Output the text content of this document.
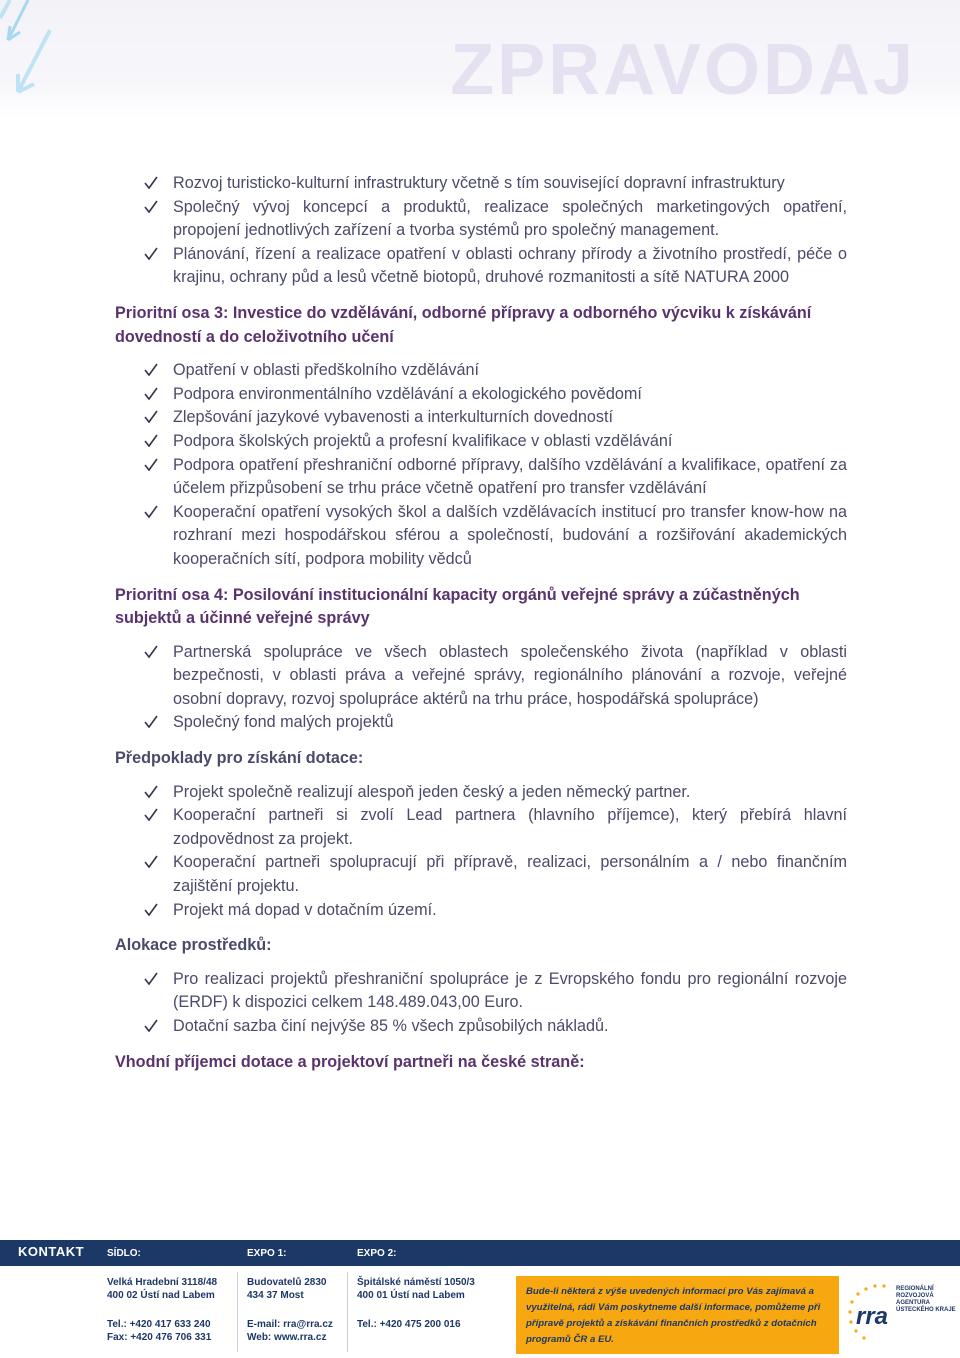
ZPRAVODAJ
Rozvoj turisticko-kulturní infrastruktury včetně s tím související dopravní infrastruktury
Společný vývoj koncepcí a produktů, realizace společných marketingových opatření, propojení jednotlivých zařízení a tvorba systémů pro společný management.
Plánování, řízení a realizace opatření v oblasti ochrany přírody a životního prostředí, péče o krajinu, ochrany půd a lesů včetně biotopů, druhové rozmanitosti a sítě NATURA 2000
Prioritní osa 3: Investice do vzdělávání, odborné přípravy a odborného výcviku k získávání dovedností a do celoživotního učení
Opatření v oblasti předškolního vzdělávání
Podpora environmentálního vzdělávání a ekologického povědomí
Zlepšování jazykové vybavenosti a interkulturních dovedností
Podpora školských projektů a profesní kvalifikace v oblasti vzdělávání
Podpora opatření přeshraniční odborné přípravy, dalšího vzdělávání a kvalifikace, opatření za účelem přizpůsobení se trhu práce včetně opatření pro transfer vzdělávání
Kooperační opatření vysokých škol a dalších vzdělávacích institucí pro transfer know-how na rozhraní mezi hospodářskou sférou a společností, budování a rozšiřování akademických kooperačních sítí, podpora mobility vědců
Prioritní osa 4: Posilování institucionální kapacity orgánů veřejné správy a zúčastněných subjektů a účinné veřejné správy
Partnerská spolupráce ve všech oblastech společenského života (například v oblasti bezpečnosti, v oblasti práva a veřejné správy, regionálního plánování a rozvoje, veřejné osobní dopravy, rozvoj spolupráce aktérů na trhu práce, hospodářská spolupráce)
Společný fond malých projektů
Předpoklady pro získání dotace:
Projekt společně realizují alespoň jeden český a jeden německý partner.
Kooperační partneři si zvolí Lead partnera (hlavního příjemce), který přebírá hlavní zodpovědnost za projekt.
Kooperační partneři spolupracují při přípravě, realizaci, personálním a / nebo finančním zajištění projektu.
Projekt má dopad v dotačním území.
Alokace prostředků:
Pro realizaci projektů přeshraniční spolupráce je z Evropského fondu pro regionální rozvoje (ERDF) k dispozici celkem 148.489.043,00 Euro.
Dotační sazba činí nejvýše 85 % všech způsobilých nákladů.
Vhodní příjemci dotace a projektoví partneři na české straně:
KONTAKT SÍDLO:	EXPO 1:	EXPO 2:
Velká Hradební 3118/48
400 02 Ústí nad Labem
Tel.: +420 417 633 240
Fax: +420 476 706 331
Budovatelů 2830
434 37 Most
E-mail: rra@rra.cz
Web: www.rra.cz
Špitálské náměstí 1050/3
400 01 Ústí nad Labem
Tel.: +420 475 200 016
Bude-li některá z výše uvedených informací pro Vás zajímavá a využitelná, rádi Vám poskytneme další informace, pomůžeme při přípravě projektů a získávání finančních prostředků z dotačních programů ČR a EU.
rra
REGIONÁLNÍ
ROZVOJOVÁ
AGENTURA
ÚSTECKÉHO KRAJE
